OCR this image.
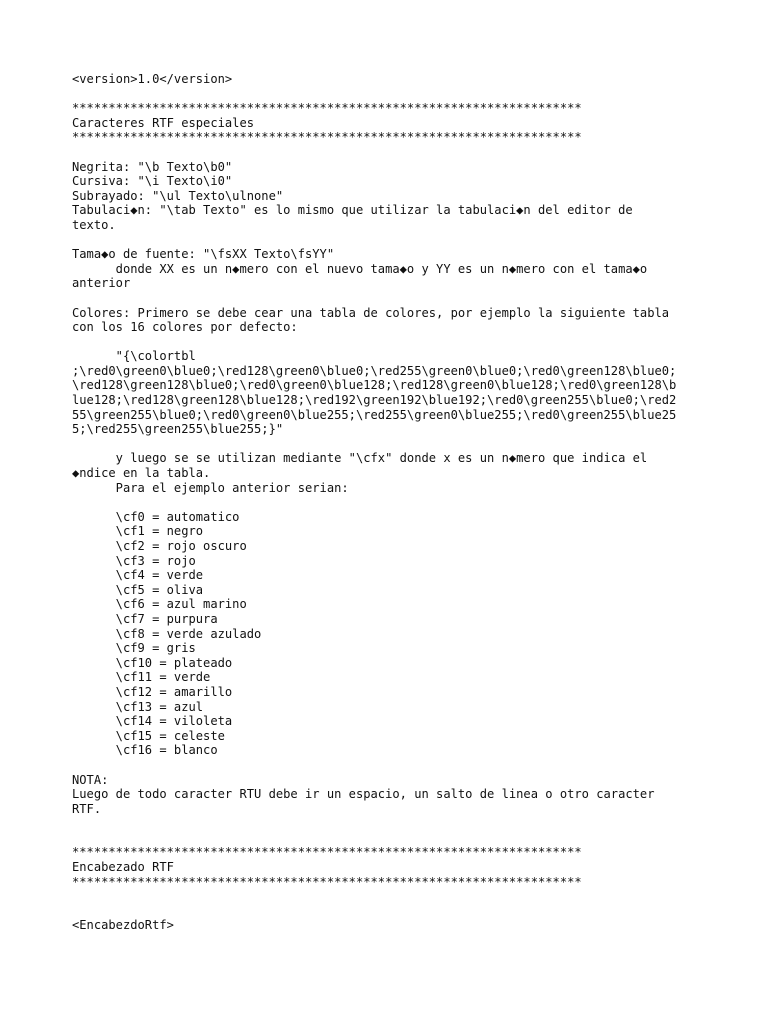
<version>1.0</version>

**********************************************************************
Caracteres RTF especiales
**********************************************************************

Negrita: "\b Texto\b0"
Cursiva: "\i Texto\i0"
Subrayado: "\ul Texto\ulnone"
Tabulaci◆n: "\tab Texto" es lo mismo que utilizar la tabulaci◆n del editor de
texto.

Tama◆o de fuente: "\fsXX Texto\fsYY"
donde XX es un n◆mero con el nuevo tama◆o y YY es un n◆mero con el tama◆o
anterior

Colores: Primero se debe cear una tabla de colores, por ejemplo la siguiente tabla
con los 16 colores por defecto:

"{\colortbl
;\red0\green0\blue0;\red128\green0\blue0;\red255\green0\blue0;\red0\green128\blue0;
\red128\green128\blue0;\red0\green0\blue128;\red128\green0\blue128;\red0\green128\b
lue128;\red128\green128\blue128;\red192\green192\blue192;\red0\green255\blue0;\red2
55\green255\blue0;\red0\green0\blue255;\red255\green0\blue255;\red0\green255\blue25
5;\red255\green255\blue255;}"

y luego se se utilizan mediante "\cfx" donde x es un n◆mero que indica el
◆ndice en la tabla.
Para el ejemplo anterior serian:

\cf0 = automatico
\cf1 = negro
\cf2 = rojo oscuro
\cf3 = rojo
\cf4 = verde
\cf5 = oliva
\cf6 = azul marino
\cf7 = purpura
\cf8 = verde azulado
\cf9 = gris
\cf10 = plateado
\cf11 = verde
\cf12 = amarillo
\cf13 = azul
\cf14 = viloleta
\cf15 = celeste
\cf16 = blanco

NOTA:
Luego de todo caracter RTU debe ir un espacio, un salto de linea o otro caracter
RTF.

**********************************************************************
Encabezado RTF
**********************************************************************

<EncabezdoRtf>
